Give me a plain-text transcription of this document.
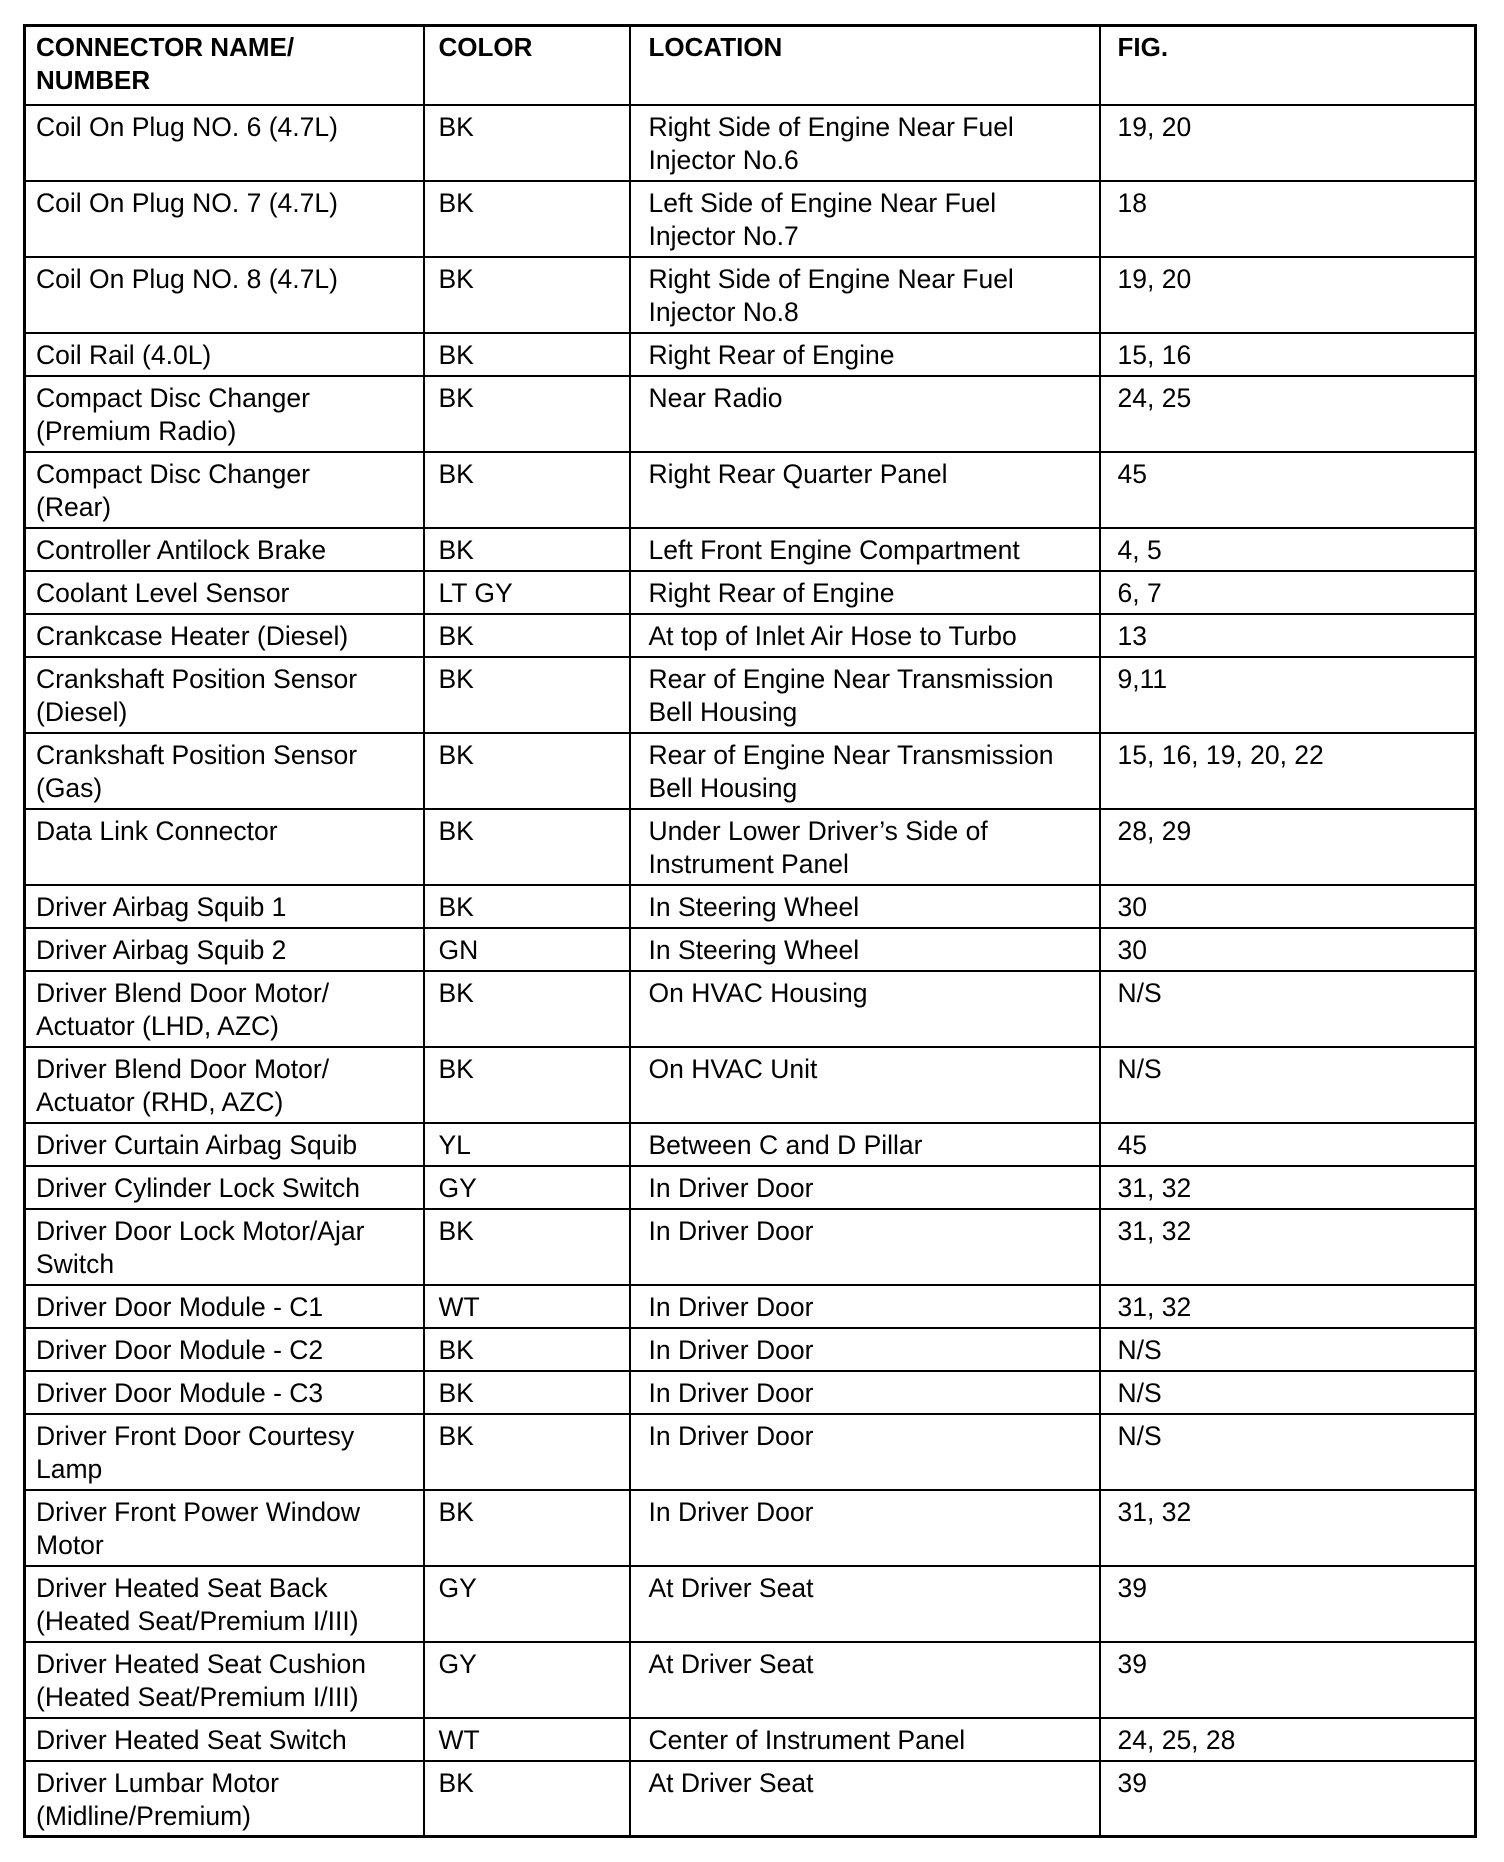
CONNECTOR NAME/
NUMBER	COLOR	LOCATION	FIG.
Coil On Plug NO. 6 (4.7L)	BK	Right Side of Engine Near Fuel
Injector No.6	19, 20
Coil On Plug NO. 7 (4.7L)	BK	Left Side of Engine Near Fuel
Injector No.7	18
Coil On Plug NO. 8 (4.7L)	BK	Right Side of Engine Near Fuel
Injector No.8	19, 20
Coil Rail (4.0L)	BK	Right Rear of Engine	15, 16
Compact Disc Changer
(Premium Radio)	BK	Near Radio	24, 25
Compact Disc Changer
(Rear)	BK	Right Rear Quarter Panel	45
Controller Antilock Brake	BK	Left Front Engine Compartment	4, 5
Coolant Level Sensor	LT GY	Right Rear of Engine	6, 7
Crankcase Heater (Diesel)	BK	At top of Inlet Air Hose to Turbo	13
Crankshaft Position Sensor
(Diesel)	BK	Rear of Engine Near Transmission
Bell Housing	9,11
Crankshaft Position Sensor
(Gas)	BK	Rear of Engine Near Transmission
Bell Housing	15, 16, 19, 20, 22
Data Link Connector	BK	Under Lower Driver’s Side of
Instrument Panel	28, 29
Driver Airbag Squib 1	BK	In Steering Wheel	30
Driver Airbag Squib 2	GN	In Steering Wheel	30
Driver Blend Door Motor/
Actuator (LHD, AZC)	BK	On HVAC Housing	N/S
Driver Blend Door Motor/
Actuator (RHD, AZC)	BK	On HVAC Unit	N/S
Driver Curtain Airbag Squib	YL	Between C and D Pillar	45
Driver Cylinder Lock Switch	GY	In Driver Door	31, 32
Driver Door Lock Motor/Ajar
Switch	BK	In Driver Door	31, 32
Driver Door Module - C1	WT	In Driver Door	31, 32
Driver Door Module - C2	BK	In Driver Door	N/S
Driver Door Module - C3	BK	In Driver Door	N/S
Driver Front Door Courtesy
Lamp	BK	In Driver Door	N/S
Driver Front Power Window
Motor	BK	In Driver Door	31, 32
Driver Heated Seat Back
(Heated Seat/Premium I/III)	GY	At Driver Seat	39
Driver Heated Seat Cushion
(Heated Seat/Premium I/III)	GY	At Driver Seat	39
Driver Heated Seat Switch	WT	Center of Instrument Panel	24, 25, 28
Driver Lumbar Motor
(Midline/Premium)	BK	At Driver Seat	39
